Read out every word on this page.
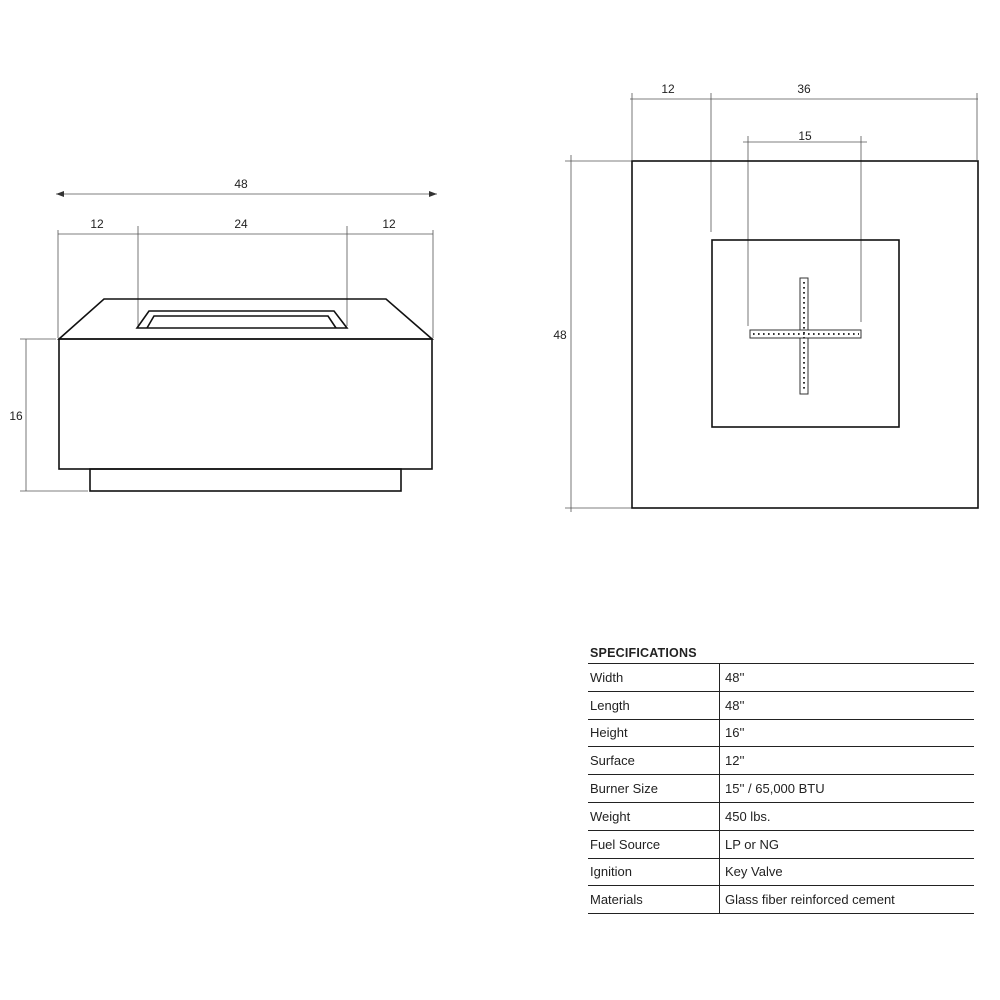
48
12	24	12
16
12	36
15
48
SPECIFICATIONS
Width	48''
Length	48''
Height	16''
Surface	12''
Burner Size	15'' / 65,000 BTU
Weight	450 lbs.
Fuel Source	LP or NG
Ignition	Key Valve
Materials	Glass fiber reinforced cement
